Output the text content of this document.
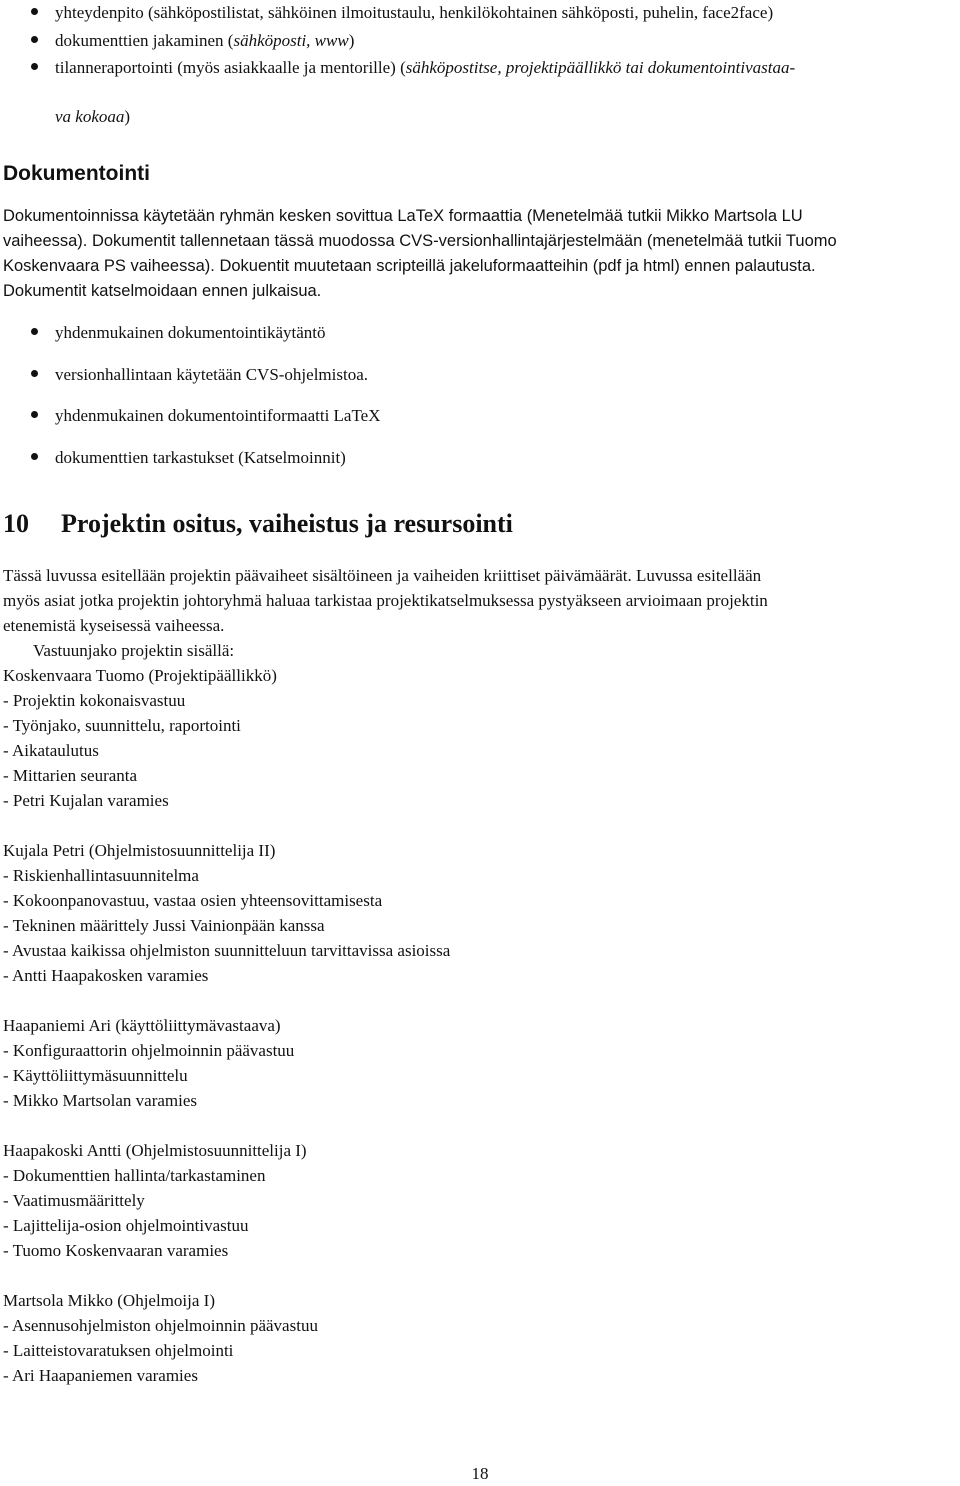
yhteydenpito (sähköpostilistat, sähköinen ilmoitustaulu, henkilökohtainen sähköposti, puhelin, face2face)
dokumenttien jakaminen (sähköposti, www)
tilanneraportointi (myös asiakkaalle ja mentorille) (sähköpostitse, projektipäällikkö tai dokumentointivastaa-
va kokoaa)
Dokumentointi
Dokumentoinnissa käytetään ryhmän kesken sovittua LaTeX formaattia (Menetelmää tutkii Mikko Martsola LU
vaiheessa). Dokumentit tallennetaan tässä muodossa CVS-versionhallintajärjestelmään (menetelmää tutkii Tuomo
Koskenvaara PS vaiheessa). Dokuentit muutetaan scripteillä jakeluformaatteihin (pdf ja html) ennen palautusta.
Dokumentit katselmoidaan ennen julkaisua.
yhdenmukainen dokumentointikäytäntö
versionhallintaan käytetään CVS-ohjelmistoa.
yhdenmukainen dokumentointiformaatti LaTeX
dokumenttien tarkastukset (Katselmoinnit)
10 Projektin ositus, vaiheistus ja resursointi
Tässä luvussa esitellään projektin päävaiheet sisältöineen ja vaiheiden kriittiset päivämäärät. Luvussa esitellään
myös asiat jotka projektin johtoryhmä haluaa tarkistaa projektikatselmuksessa pystyäkseen arvioimaan projektin
etenemistä kyseisessä vaiheessa.
Vastuunjako projektin sisällä:
Koskenvaara Tuomo (Projektipäällikkö)
- Projektin kokonaisvastuu
- Työnjako, suunnittelu, raportointi
- Aikataulutus
- Mittarien seuranta
- Petri Kujalan varamies
Kujala Petri (Ohjelmistosuunnittelija II)
- Riskienhallintasuunnitelma
- Kokoonpanovastuu, vastaa osien yhteensovittamisesta
- Tekninen määrittely Jussi Vainionpään kanssa
- Avustaa kaikissa ohjelmiston suunnitteluun tarvittavissa asioissa
- Antti Haapakosken varamies
Haapaniemi Ari (käyttöliittymävastaava)
- Konfiguraattorin ohjelmoinnin päävastuu
- Käyttöliittymäsuunnittelu
- Mikko Martsolan varamies
Haapakoski Antti (Ohjelmistosuunnittelija I)
- Dokumenttien hallinta/tarkastaminen
- Vaatimusmäärittely
- Lajittelija-osion ohjelmointivastuu
- Tuomo Koskenvaaran varamies
Martsola Mikko (Ohjelmoija I)
- Asennusohjelmiston ohjelmoinnin päävastuu
- Laitteistovaratuksen ohjelmointi
- Ari Haapaniemen varamies
18
